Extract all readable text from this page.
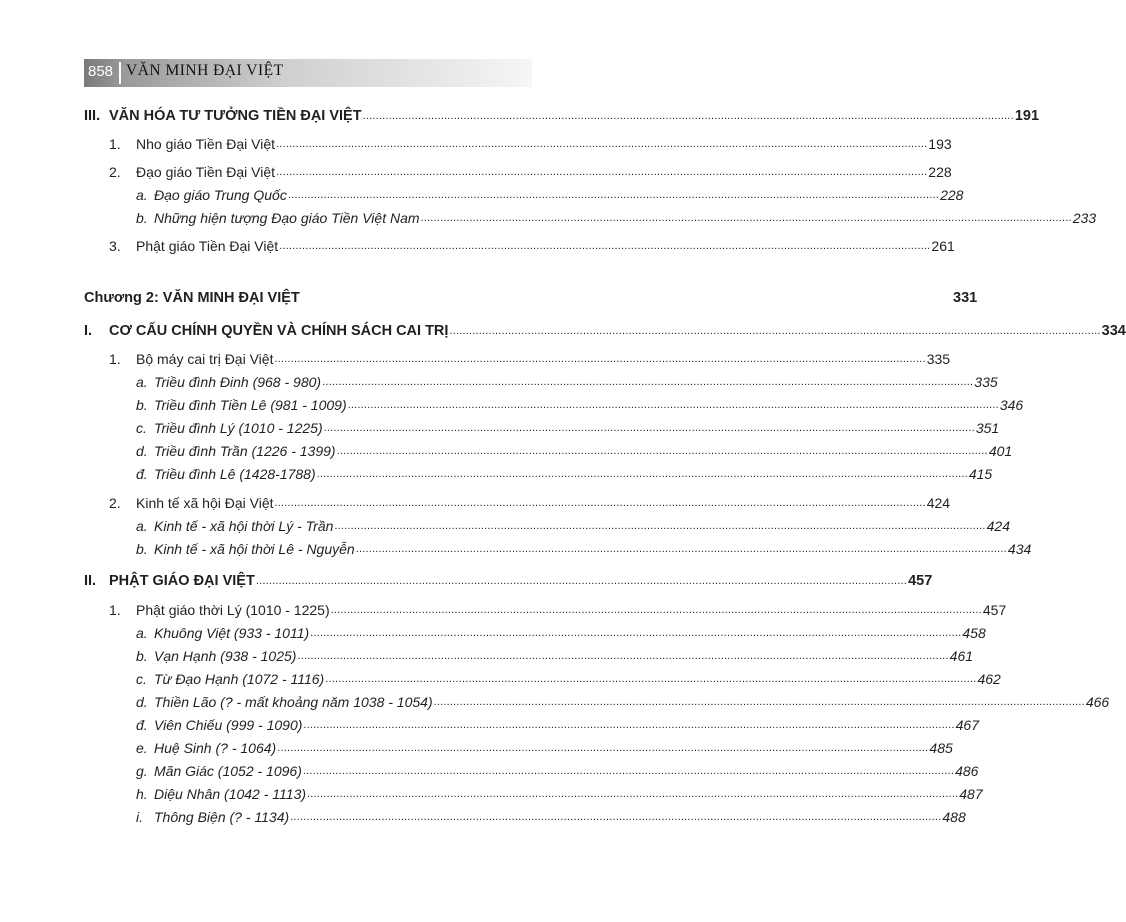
858 VĂN MINH ĐẠI VIỆT
III. VĂN HÓA TƯ TƯỞNG TIỀN ĐẠI VIỆT ........................................................................................................................................................................................................ 191
1. Nho giáo Tiền Đại Việt ........................................................................................................................................................................................................ 193
2. Đạo giáo Tiền Đại Việt ........................................................................................................................................................................................................ 228
a. Đạo giáo Trung Quốc ........................................................................................................................................................................................................ 228
b. Những hiện tượng Đạo giáo Tiền Việt Nam ........................................................................................................................................................................................................ 233
3. Phật giáo Tiền Đại Việt ........................................................................................................................................................................................................ 261
Chương 2: VĂN MINH ĐẠI VIỆT	331
I. CƠ CẤU CHÍNH QUYỀN VÀ CHÍNH SÁCH CAI TRỊ ........................................................................................................................................................................................................ 334
1. Bộ máy cai trị Đại Việt ........................................................................................................................................................................................................ 335
a. Triều đình Đinh (968 - 980) ........................................................................................................................................................................................................ 335
b. Triều đình Tiền Lê (981 - 1009) ........................................................................................................................................................................................................ 346
c. Triều đình Lý (1010 - 1225) ........................................................................................................................................................................................................ 351
d. Triều đình Trần (1226 - 1399) ........................................................................................................................................................................................................ 401
đ. Triều đình Lê (1428-1788) ........................................................................................................................................................................................................ 415
2. Kinh tế xã hội Đại Việt ........................................................................................................................................................................................................ 424
a. Kinh tế - xã hội thời Lý - Trần ........................................................................................................................................................................................................ 424
b. Kinh tế - xã hội thời Lê - Nguyễn ........................................................................................................................................................................................................ 434
II. PHẬT GIÁO ĐẠI VIỆT ........................................................................................................................................................................................................ 457
1. Phật giáo thời Lý (1010 - 1225) ........................................................................................................................................................................................................ 457
a. Khuông Việt (933 - 1011) ........................................................................................................................................................................................................ 458
b. Vạn Hạnh (938 - 1025) ........................................................................................................................................................................................................ 461
c. Từ Đạo Hạnh (1072 - 1116) ........................................................................................................................................................................................................ 462
d. Thiền Lão (? - mất khoảng năm 1038 - 1054) ........................................................................................................................................................................................................ 466
đ. Viên Chiếu (999 - 1090) ........................................................................................................................................................................................................ 467
e. Huệ Sinh (? - 1064) ........................................................................................................................................................................................................ 485
g. Mãn Giác (1052 - 1096) ........................................................................................................................................................................................................ 486
h. Diệu Nhân (1042 - 1113) ........................................................................................................................................................................................................ 487
i. Thông Biện (? - 1134) ........................................................................................................................................................................................................ 488
